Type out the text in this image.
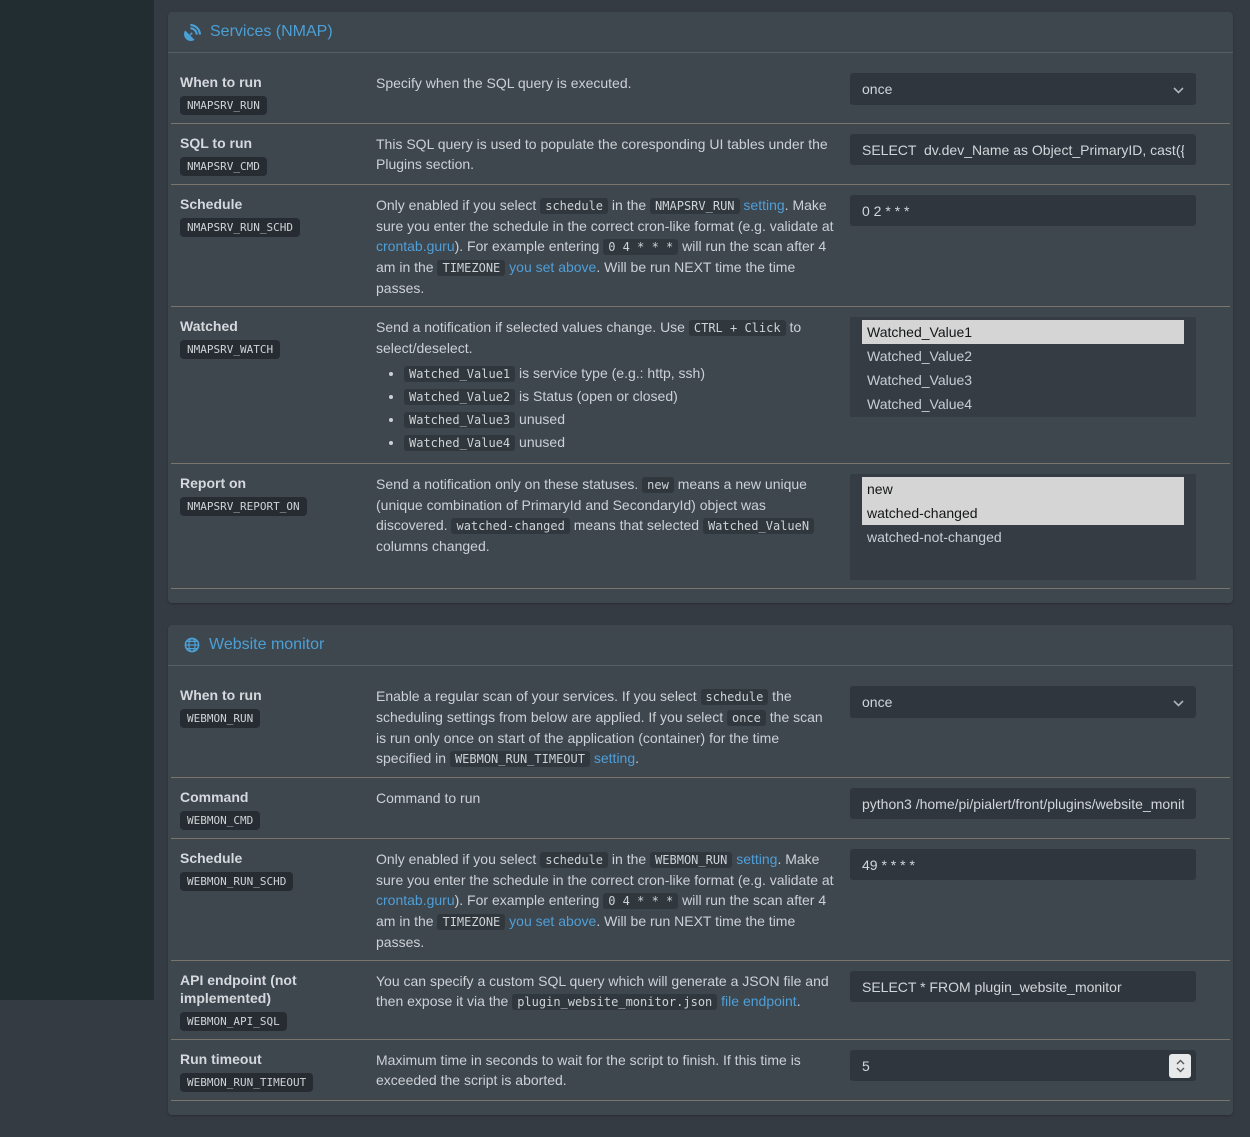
Services (NMAP)
When to run
NMAPSRV_RUN
Specify when the SQL query is executed.	once
SQL to run
NMAPSRV_CMD
This SQL query is used to populate the coresponding UI tables under the Plugins section.
SELECT dv.dev_Name as Object_PrimaryID, cast({s-quo
Schedule
NMAPSRV_RUN_SCHD
Only enabled if you select schedule in the NMAPSRV_RUN setting. Make sure you enter the schedule in the correct cron-like format (e.g. validate at crontab.guru). For example entering 0 4 * * * will run the scan after 4 am in the TIMEZONE you set above. Will be run NEXT time the time passes.
0 2 * * *
Watched
NMAPSRV_WATCH
Send a notification if selected values change. Use CTRL + Click to select/deselect.
• Watched_Value1 is service type (e.g.: http, ssh)
• Watched_Value2 is Status (open or closed)
• Watched_Value3 unused
• Watched_Value4 unused
Watched_Value1
Watched_Value2
Watched_Value3
Watched_Value4
Report on
NMAPSRV_REPORT_ON
Send a notification only on these statuses. new means a new unique (unique combination of PrimaryId and SecondaryId) object was discovered. watched-changed means that selected Watched_ValueN columns changed.
new
watched-changed
watched-not-changed
Website monitor
When to run
WEBMON_RUN
Enable a regular scan of your services. If you select schedule the scheduling settings from below are applied. If you select once the scan is run only once on start of the application (container) for the time specified in WEBMON_RUN_TIMEOUT setting.
once
Command
WEBMON_CMD
Command to run
python3 /home/pi/pialert/front/plugins/website_monit
Schedule
WEBMON_RUN_SCHD
Only enabled if you select schedule in the WEBMON_RUN setting. Make sure you enter the schedule in the correct cron-like format (e.g. validate at crontab.guru). For example entering 0 4 * * * will run the scan after 4 am in the TIMEZONE you set above. Will be run NEXT time the time passes.
49 * * * *
API endpoint (not implemented)
WEBMON_API_SQL
You can specify a custom SQL query which will generate a JSON file and then expose it via the plugin_website_monitor.json file endpoint.
SELECT * FROM plugin_website_monitor
Run timeout
WEBMON_RUN_TIMEOUT
Maximum time in seconds to wait for the script to finish. If this time is exceeded the script is aborted.
5
